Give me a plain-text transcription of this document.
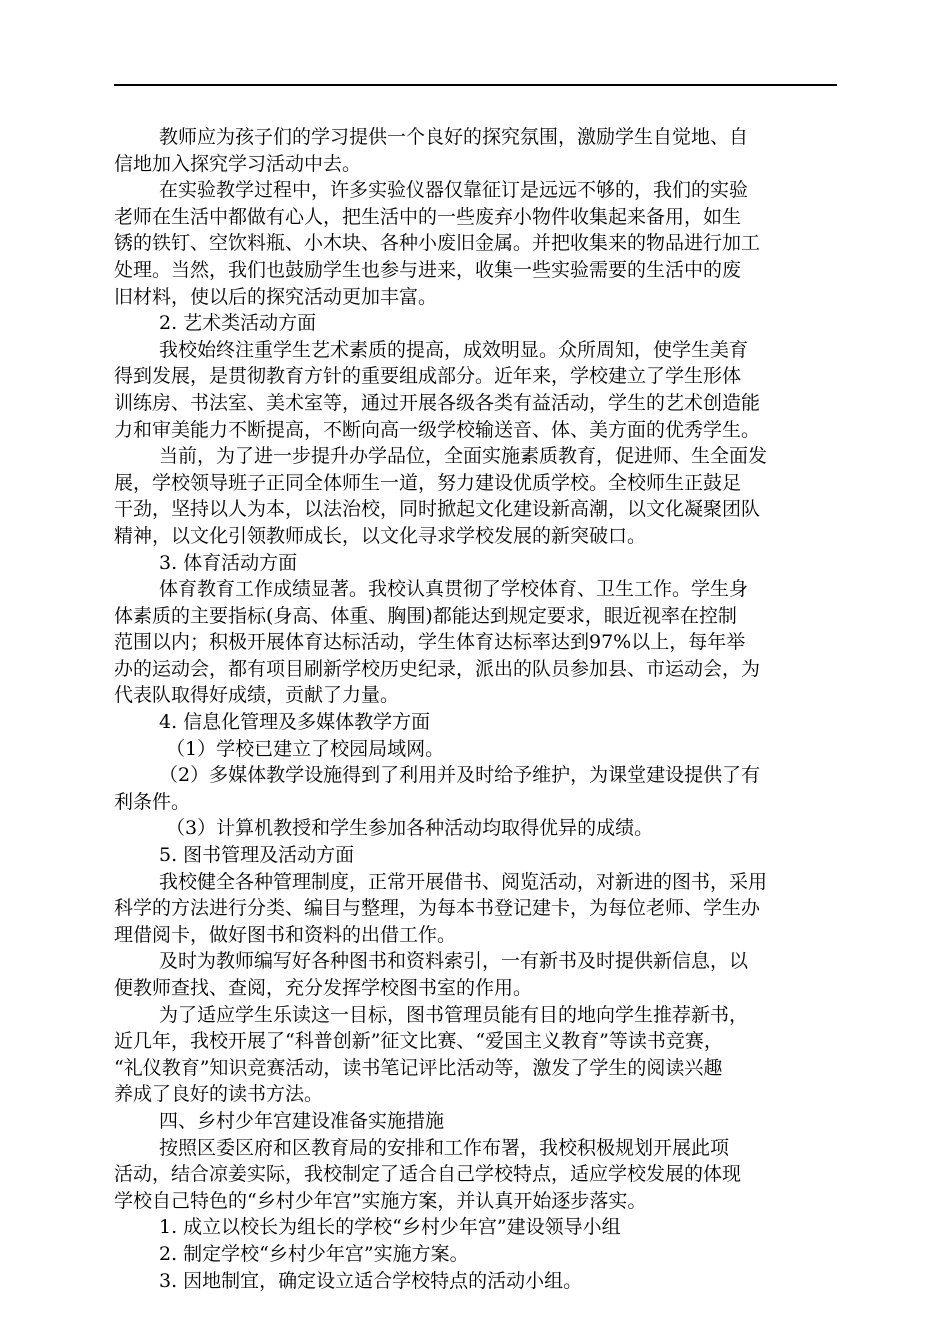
教师应为孩子们的学习提供一个良好的探究氛围，激励学生自觉地、自
信地加入探究学习活动中去。
在实验教学过程中，许多实验仪器仅靠征订是远远不够的，我们的实验
老师在生活中都做有心人，把生活中的一些废弃小物件收集起来备用，如生
锈的铁钉、空饮料瓶、小木块、各种小废旧金属。并把收集来的物品进行加工
处理。当然，我们也鼓励学生也参与进来，收集一些实验需要的生活中的废
旧材料，使以后的探究活动更加丰富。
2. 艺术类活动方面
我校始终注重学生艺术素质的提高，成效明显。众所周知，使学生美育
得到发展，是贯彻教育方针的重要组成部分。近年来，学校建立了学生形体
训练房、书法室、美术室等，通过开展各级各类有益活动，学生的艺术创造能
力和审美能力不断提高，不断向高一级学校输送音、体、美方面的优秀学生。
当前，为了进一步提升办学品位，全面实施素质教育，促进师、生全面发
展，学校领导班子正同全体师生一道，努力建设优质学校。全校师生正鼓足
干劲，坚持以人为本，以法治校，同时掀起文化建设新高潮，以文化凝聚团队
精神，以文化引领教师成长，以文化寻求学校发展的新突破口。
3. 体育活动方面
体育教育工作成绩显著。我校认真贯彻了学校体育、卫生工作。学生身
体素质的主要指标(身高、体重、胸围)都能达到规定要求，眼近视率在控制
范围以内；积极开展体育达标活动，学生体育达标率达到97%以上，每年举
办的运动会，都有项目刷新学校历史纪录，派出的队员参加县、市运动会，为
代表队取得好成绩，贡献了力量。
4. 信息化管理及多媒体教学方面
（1）学校已建立了校园局域网。
（2）多媒体教学设施得到了利用并及时给予维护，为课堂建设提供了有
利条件。
（3）计算机教授和学生参加各种活动均取得优异的成绩。
5. 图书管理及活动方面
我校健全各种管理制度，正常开展借书、阅览活动，对新进的图书，采用
科学的方法进行分类、编目与整理，为每本书登记建卡，为每位老师、学生办
理借阅卡，做好图书和资料的出借工作。
及时为教师编写好各种图书和资料索引，一有新书及时提供新信息，以
便教师查找、查阅，充分发挥学校图书室的作用。
为了适应学生乐读这一目标，图书管理员能有目的地向学生推荐新书，
近几年，我校开展了“科普创新”征文比赛、“爱国主义教育”等读书竞赛，
“礼仪教育”知识竞赛活动，读书笔记评比活动等，激发了学生的阅读兴趣
养成了良好的读书方法。
四、乡村少年宫建设准备实施措施
按照区委区府和区教育局的安排和工作布署，我校积极规划开展此项
活动，结合凉姜实际，我校制定了适合自己学校特点，适应学校发展的体现
学校自己特色的“乡村少年宫”实施方案，并认真开始逐步落实。
1. 成立以校长为组长的学校“乡村少年宫”建设领导小组
2. 制定学校“乡村少年宫”实施方案。
3. 因地制宜，确定设立适合学校特点的活动小组。
